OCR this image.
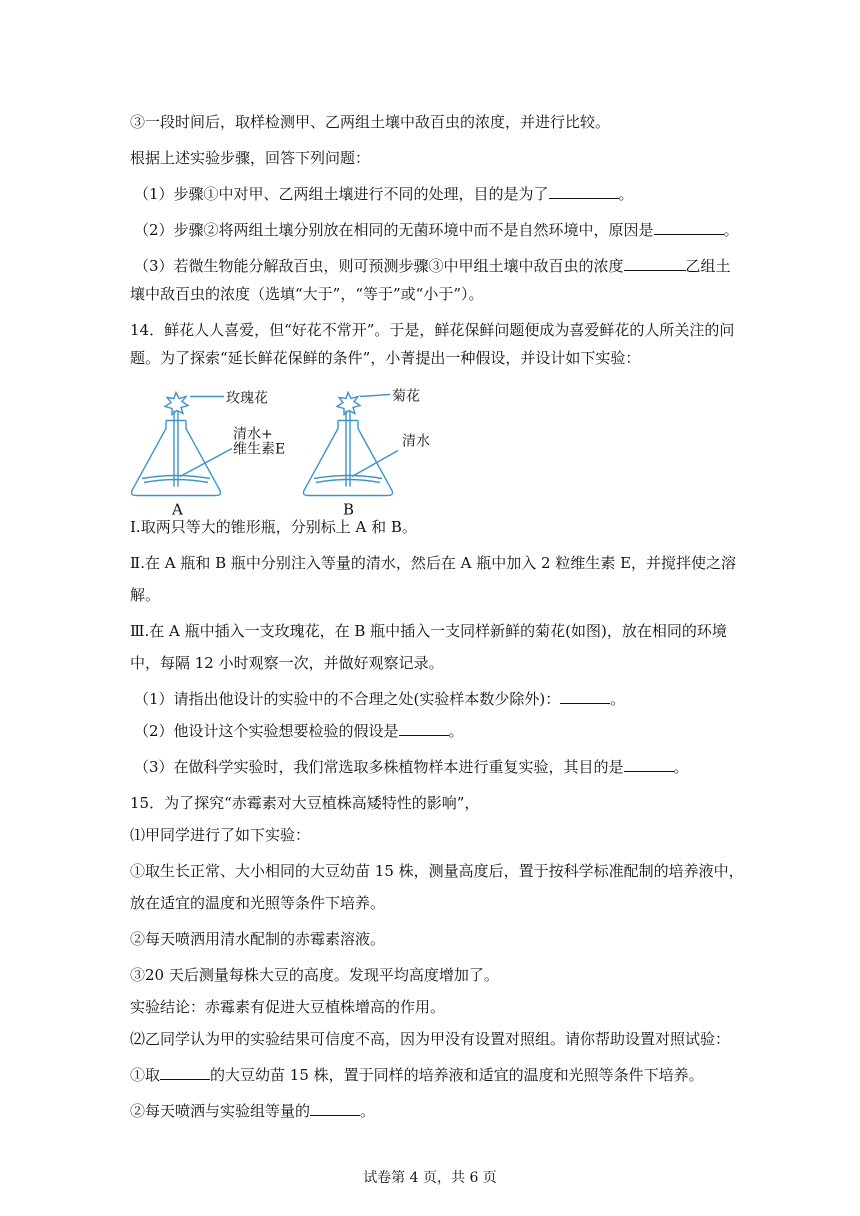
③一段时间后，取样检测甲、乙两组土壤中敌百虫的浓度，并进行比较。
根据上述实验步骤，回答下列问题：
（1）步骤①中对甲、乙两组土壤进行不同的处理，目的是为了	。
（2）步骤②将两组土壤分别放在相同的无菌环境中而不是自然环境中，原因是	。
（3）若微生物能分解敌百虫，则可预测步骤③中甲组土壤中敌百虫的浓度	乙组土
壤中敌百虫的浓度（选填“大于”，“等于”或“小于”）。
14．鲜花人人喜爱，但“好花不常开”。于是，鲜花保鲜问题便成为喜爱鲜花的人所关注的问
题。为了探索“延长鲜花保鲜的条件”，小菁提出一种假设，并设计如下实验：
玫瑰花
清水+
维生素E
A
菊花
清水
B
Ⅰ.取两只等大的锥形瓶，分别标上 A 和 B。
Ⅱ.在 A 瓶和 B 瓶中分别注入等量的清水，然后在 A 瓶中加入 2 粒维生素 E，并搅拌使之溶
解。
Ⅲ.在 A 瓶中插入一支玫瑰花，在 B 瓶中插入一支同样新鲜的菊花(如图)，放在相同的环境
中，每隔 12 小时观察一次，并做好观察记录。
（1）请指出他设计的实验中的不合理之处(实验样本数少除外)：	。
（2）他设计这个实验想要检验的假设是	。
（3）在做科学实验时，我们常选取多株植物样本进行重复实验，其目的是	。
15．为了探究“赤霉素对大豆植株高矮特性的影响”，
⑴甲同学进行了如下实验：
①取生长正常、大小相同的大豆幼苗 15 株，测量高度后，置于按科学标准配制的培养液中，
放在适宜的温度和光照等条件下培养。
②每天喷洒用清水配制的赤霉素溶液。
③20 天后测量每株大豆的高度。发现平均高度增加了。
实验结论：赤霉素有促进大豆植株增高的作用。
⑵乙同学认为甲的实验结果可信度不高，因为甲没有设置对照组。请你帮助设置对照试验：
①取	的大豆幼苗 15 株，置于同样的培养液和适宜的温度和光照等条件下培养。
②每天喷洒与实验组等量的	。
试卷第 4 页，共 6 页
